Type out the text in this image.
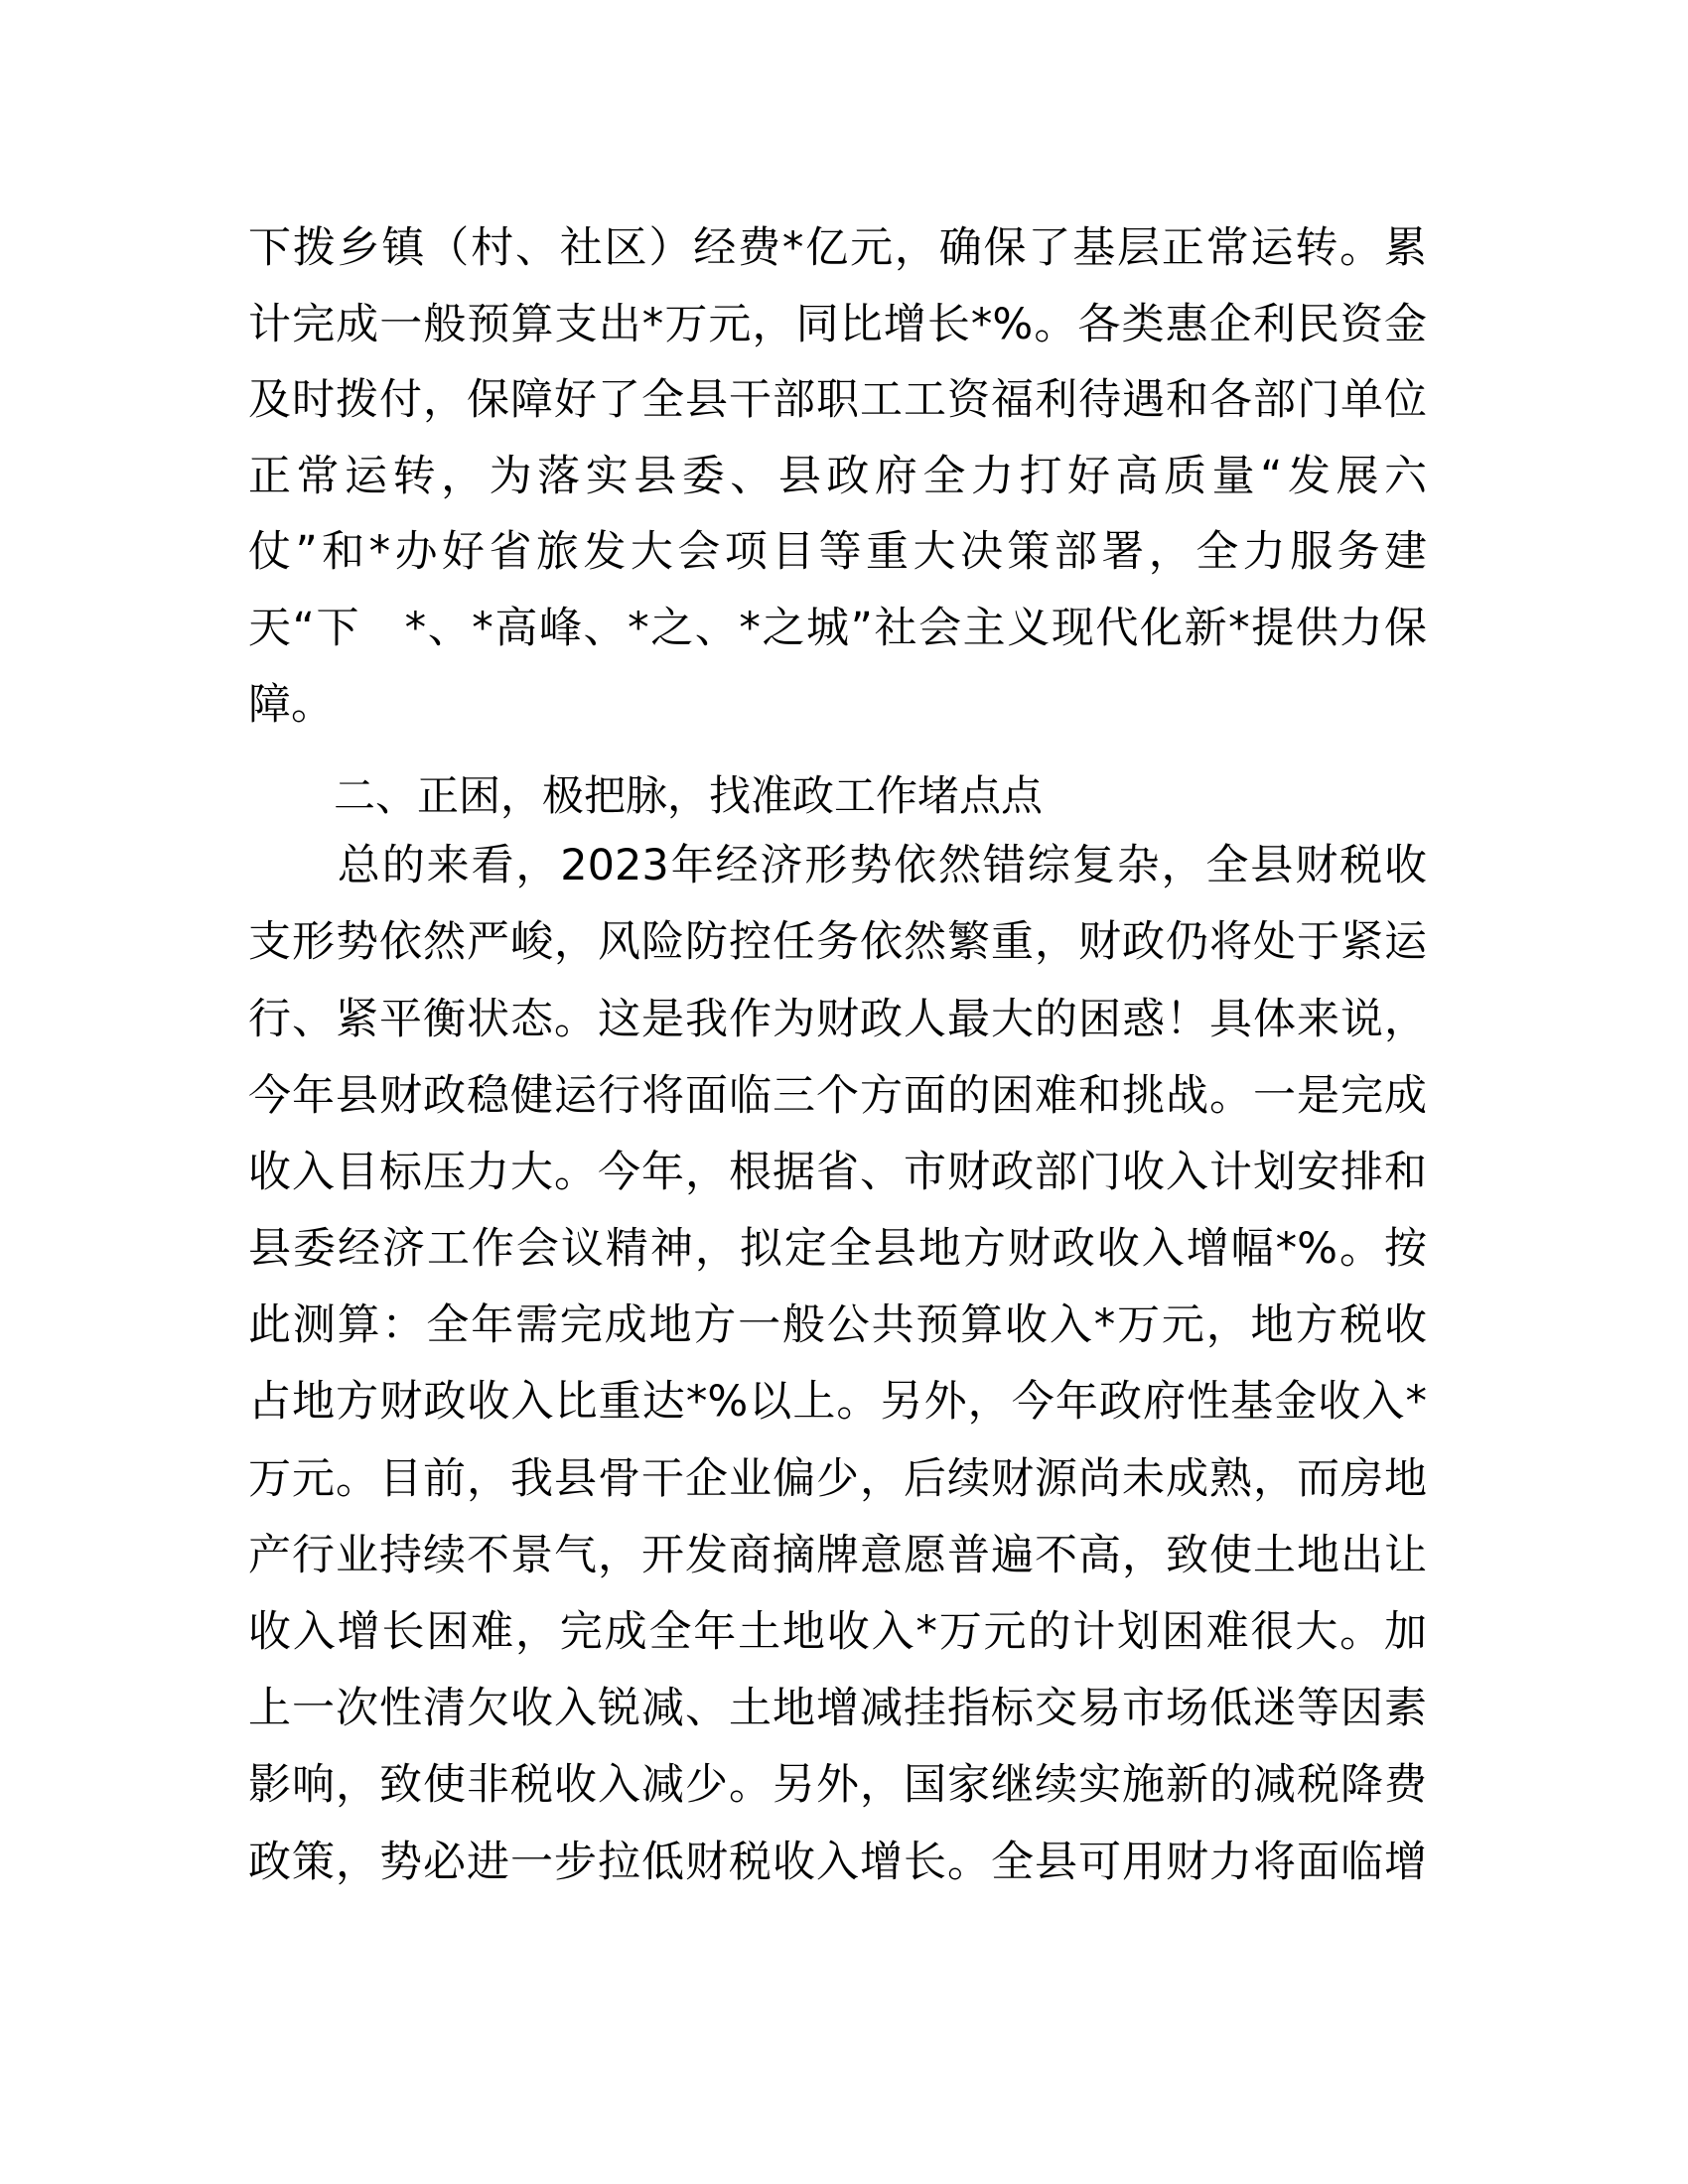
下拨乡镇（村、社区）经费*亿元，确保了基层正常运转。累
计完成一般预算支出*万元，同比增长*%。各类惠企利民资金
及时拨付，保障好了全县干部职工工资福利待遇和各部门单位
正常运转，为落实县委、县政府全力打好高质量“发展六
仗”和*办好省旅发大会项目等重大决策部署，全力服务建
天“下　*、*高峰、*之、*之城”社会主义现代化新*提供力保
障。
二、正困，极把脉，找准政工作堵点点
　　总的来看，2023年经济形势依然错综复杂，全县财税收
支形势依然严峻，风险防控任务依然繁重，财政仍将处于紧运
行、紧平衡状态。这是我作为财政人最大的困惑！具体来说，
今年县财政稳健运行将面临三个方面的困难和挑战。一是完成
收入目标压力大。今年，根据省、市财政部门收入计划安排和
县委经济工作会议精神，拟定全县地方财政收入增幅*%。按
此测算：全年需完成地方一般公共预算收入*万元，地方税收
占地方财政收入比重达*%以上。另外，今年政府性基金收入*
万元。目前，我县骨干企业偏少，后续财源尚未成熟，而房地
产行业持续不景气，开发商摘牌意愿普遍不高，致使土地出让
收入增长困难，完成全年土地收入*万元的计划困难很大。加
上一次性清欠收入锐减、土地增减挂指标交易市场低迷等因素
影响，致使非税收入减少。另外，国家继续实施新的减税降费
政策，势必进一步拉低财税收入增长。全县可用财力将面临增
